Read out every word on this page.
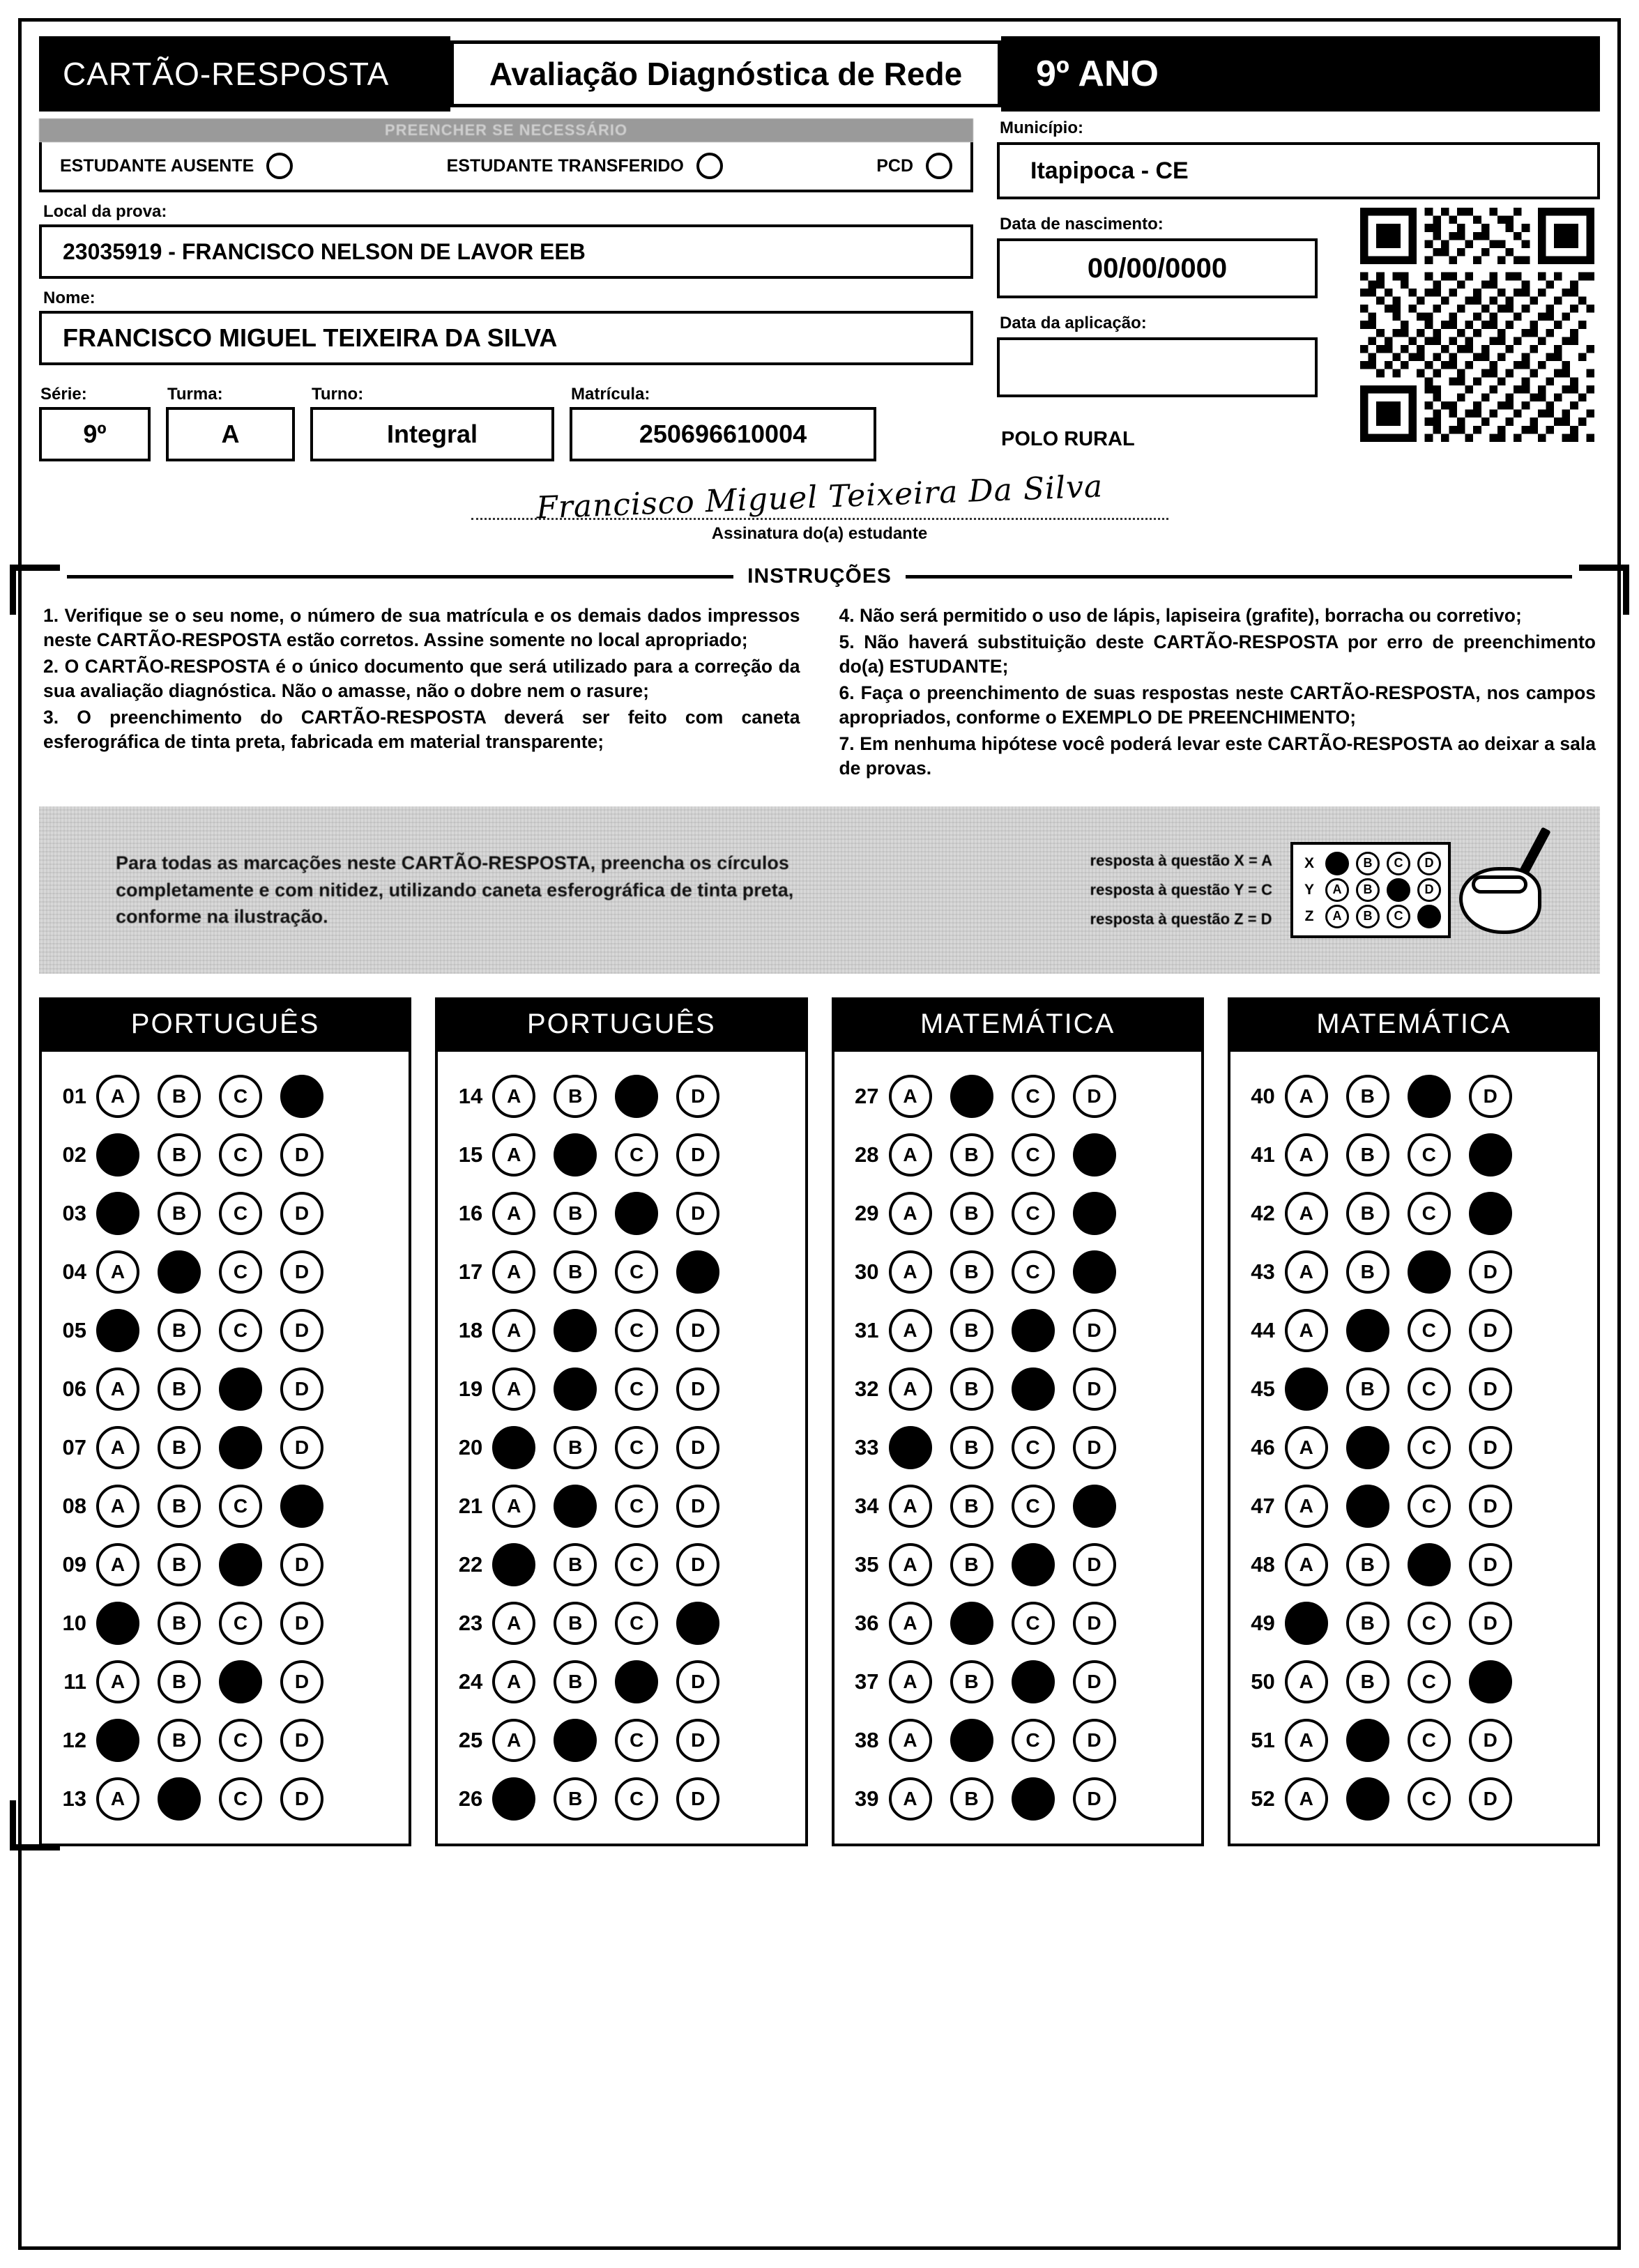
CARTÃO-RESPOSTA	Avaliação Diagnóstica de Rede	9º ANO
PREENCHER SE NECESSÁRIO
ESTUDANTE AUSENTE	ESTUDANTE TRANSFERIDO	PCD
Local da prova:
23035919 - FRANCISCO NELSON DE LAVOR EEB
Nome:
FRANCISCO MIGUEL TEIXEIRA DA SILVA
Série:
9º
Turma:
A
Turno:
Integral
Matrícula:
250696610004
Município:
Itapipoca - CE
Data de nascimento:
00/00/0000
Data da aplicação:
POLO RURAL
Francisco Miguel Teixeira Da Silva
Assinatura do(a) estudante
INSTRUÇÕES

1. Verifique se o seu nome, o número de sua matrícula e os demais dados impressos neste CARTÃO-RESPOSTA estão corretos. Assine somente no local apropriado;

2. O CARTÃO-RESPOSTA é o único documento que será utilizado para a correção da sua avaliação diagnóstica. Não o amasse, não o dobre nem o rasure;

3. O preenchimento do CARTÃO-RESPOSTA deverá ser feito com caneta esferográfica de tinta preta, fabricada em material transparente;

4. Não será permitido o uso de lápis, lapiseira (grafite), borracha ou corretivo;

5. Não haverá substituição deste CARTÃO-RESPOSTA por erro de preenchimento do(a) ESTUDANTE;

6. Faça o preenchimento de suas respostas neste CARTÃO-RESPOSTA, nos campos apropriados, conforme o EXEMPLO DE PREENCHIMENTO;

7. Em nenhuma hipótese você poderá levar este CARTÃO-RESPOSTA ao deixar a sala de provas.

Para todas as marcações neste CARTÃO-RESPOSTA, preencha os círculos completamente e com nitidez, utilizando caneta esferográfica de tinta preta, conforme na ilustração.
resposta à questão X = A
resposta à questão Y = C
resposta à questão Z = D
X	A	B	C	D
Y	A	B	C	D
Z	A	B	C	D
PORTUGUÊS
01	A	B	C	D
02	A	B	C	D
03	A	B	C	D
04	A	B	C	D
05	A	B	C	D
06	A	B	C	D
07	A	B	C	D
08	A	B	C	D
09	A	B	C	D
10	A	B	C	D
11	A	B	C	D
12	A	B	C	D
13	A	B	C	D
PORTUGUÊS
14	A	B	C	D
15	A	B	C	D
16	A	B	C	D
17	A	B	C	D
18	A	B	C	D
19	A	B	C	D
20	A	B	C	D
21	A	B	C	D
22	A	B	C	D
23	A	B	C	D
24	A	B	C	D
25	A	B	C	D
26	A	B	C	D
MATEMÁTICA
27	A	B	C	D
28	A	B	C	D
29	A	B	C	D
30	A	B	C	D
31	A	B	C	D
32	A	B	C	D
33	A	B	C	D
34	A	B	C	D
35	A	B	C	D
36	A	B	C	D
37	A	B	C	D
38	A	B	C	D
39	A	B	C	D
MATEMÁTICA
40	A	B	C	D
41	A	B	C	D
42	A	B	C	D
43	A	B	C	D
44	A	B	C	D
45	A	B	C	D
46	A	B	C	D
47	A	B	C	D
48	A	B	C	D
49	A	B	C	D
50	A	B	C	D
51	A	B	C	D
52	A	B	C	D
